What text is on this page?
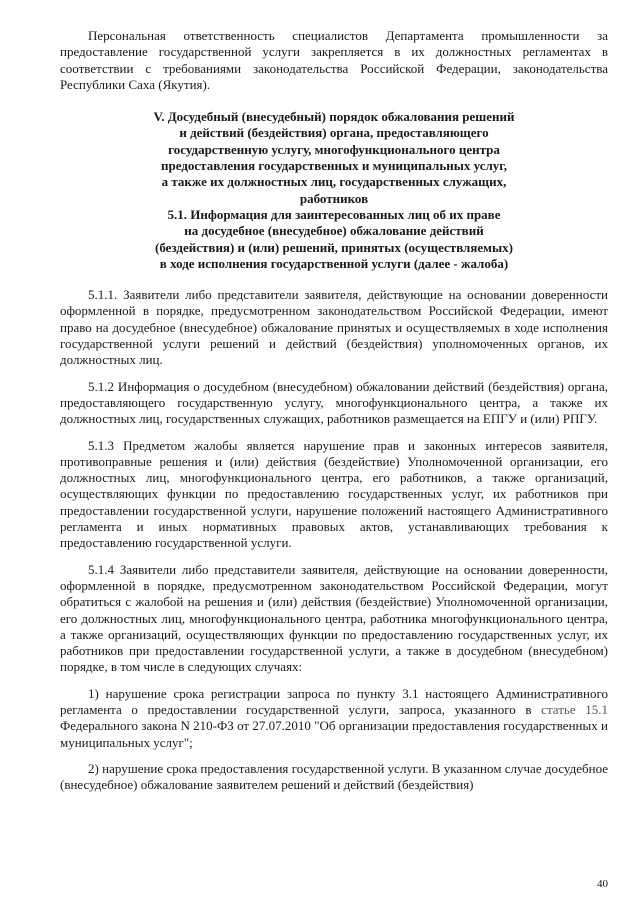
Персональная ответственность специалистов Департамента промышленности за предоставление государственной услуги закрепляется в их должностных регламентах в соответствии с требованиями законодательства Российской Федерации, законодательства Республики Саха (Якутия).

V. Досудебный (внесудебный) порядок обжалования решений
и действий (бездействия) органа, предоставляющего
государственную услугу, многофункционального центра
предоставления государственных и муниципальных услуг,
а также их должностных лиц, государственных служащих,
работников
5.1. Информация для заинтересованных лиц об их праве
на досудебное (внесудебное) обжалование действий
(бездействия) и (или) решений, принятых (осуществляемых)
в ходе исполнения государственной услуги (далее - жалоба)

5.1.1. Заявители либо представители заявителя, действующие на основании доверенности оформленной в порядке, предусмотренном законодательством Российской Федерации, имеют право на досудебное (внесудебное) обжалование принятых и осуществляемых в ходе исполнения государственной услуги решений и действий (бездействия) уполномоченных органов, их должностных лиц.

5.1.2 Информация о досудебном (внесудебном) обжаловании действий (бездействия) органа, предоставляющего государственную услугу, многофункционального центра, а также их должностных лиц, государственных служащих, работников размещается на ЕПГУ и (или) РПГУ.

5.1.3 Предметом жалобы является нарушение прав и законных интересов заявителя, противоправные решения и (или) действия (бездействие) Уполномоченной организации, его должностных лиц, многофункционального центра, его работников, а также организаций, осуществляющих функции по предоставлению государственных услуг, их работников при предоставлении государственной услуги, нарушение положений настоящего Административного регламента и иных нормативных правовых актов, устанавливающих требования к предоставлению государственной услуги.

5.1.4 Заявители либо представители заявителя, действующие на основании доверенности, оформленной в порядке, предусмотренном законодательством Российской Федерации, могут обратиться с жалобой на решения и (или) действия (бездействие) Уполномоченной организации, его должностных лиц, многофункционального центра, работника многофункционального центра, а также организаций, осуществляющих функции по предоставлению государственных услуг, их работников при предоставлении государственной услуги, а также в досудебном (внесудебном) порядке, в том числе в следующих случаях:

1) нарушение срока регистрации запроса по пункту 3.1 настоящего Административного регламента о предоставлении государственной услуги, запроса, указанного в статье 15.1 Федерального закона N 210-ФЗ от 27.07.2010 "Об организации предоставления государственных и муниципальных услуг";

2) нарушение срока предоставления государственной услуги. В указанном случае досудебное (внесудебное) обжалование заявителем решений и действий (бездействия)

40
